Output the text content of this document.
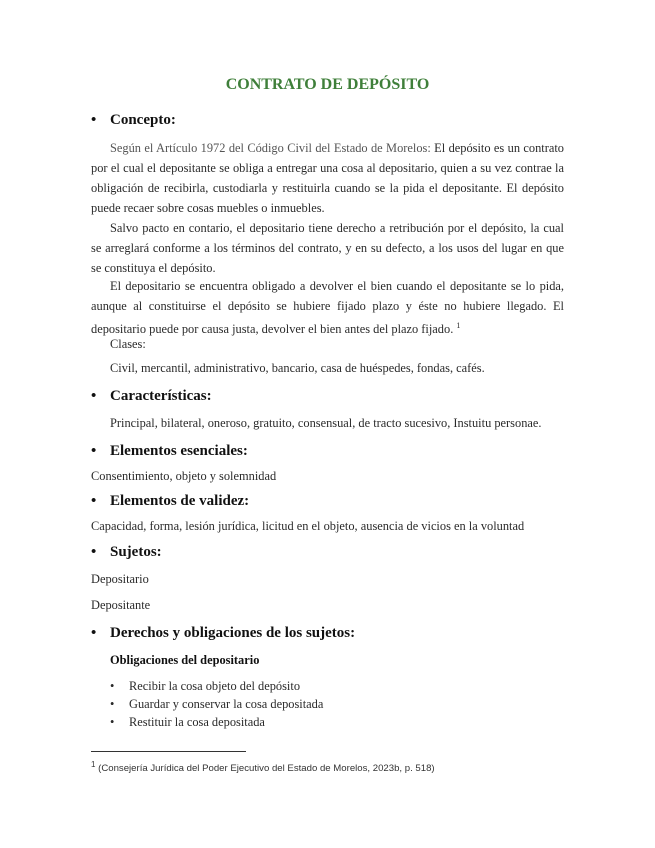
CONTRATO DE DEPÓSITO
• Concepto:
Según el Artículo 1972 del Código Civil del Estado de Morelos: El depósito es un contrato por el cual el depositante se obliga a entregar una cosa al depositario, quien a su vez contrae la obligación de recibirla, custodiarla y restituirla cuando se la pida el depositante. El depósito puede recaer sobre cosas muebles o inmuebles.
Salvo pacto en contario, el depositario tiene derecho a retribución por el depósito, la cual se arreglará conforme a los términos del contrato, y en su defecto, a los usos del lugar en que se constituya el depósito.
El depositario se encuentra obligado a devolver el bien cuando el depositante se lo pida, aunque al constituirse el depósito se hubiere fijado plazo y éste no hubiere llegado. El depositario puede por causa justa, devolver el bien antes del plazo fijado. $^1$
Clases:
Civil, mercantil, administrativo, bancario, casa de huéspedes, fondas, cafés.
• Características:
Principal, bilateral, oneroso, gratuito, consensual, de tracto sucesivo, Instuitu personae.
• Elementos esenciales:
Consentimiento, objeto y solemnidad
• Elementos de validez:
Capacidad, forma, lesión jurídica, licitud en el objeto, ausencia de vicios en la voluntad
• Sujetos:
Depositario
Depositante
• Derechos y obligaciones de los sujetos:
Obligaciones del depositario
• Recibir la cosa objeto del depósito
• Guardar y conservar la cosa depositada
• Restituir la cosa depositada
$^1$ (Consejería Jurídica del Poder Ejecutivo del Estado de Morelos, 2023b, p. 518)
